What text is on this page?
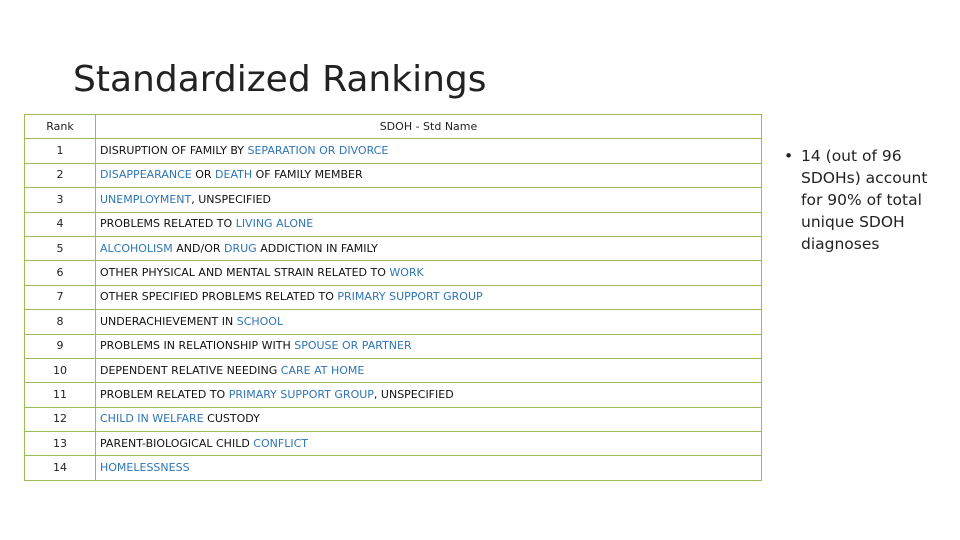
Standardized Rankings
Rank	SDOH - Std Name
1	DISRUPTION OF FAMILY BY SEPARATION OR DIVORCE
2	DISAPPEARANCE OR DEATH OF FAMILY MEMBER
3	UNEMPLOYMENT, UNSPECIFIED
4	PROBLEMS RELATED TO LIVING ALONE
5	ALCOHOLISM AND/OR DRUG ADDICTION IN FAMILY
6	OTHER PHYSICAL AND MENTAL STRAIN RELATED TO WORK
7	OTHER SPECIFIED PROBLEMS RELATED TO PRIMARY SUPPORT GROUP
8	UNDERACHIEVEMENT IN SCHOOL
9	PROBLEMS IN RELATIONSHIP WITH SPOUSE OR PARTNER
10	DEPENDENT RELATIVE NEEDING CARE AT HOME
11	PROBLEM RELATED TO PRIMARY SUPPORT GROUP, UNSPECIFIED
12	CHILD IN WELFARE CUSTODY
13	PARENT-BIOLOGICAL CHILD CONFLICT
14	HOMELESSNESS
• 14 (out of 96 SDOHs) account for 90% of total unique SDOH diagnoses
